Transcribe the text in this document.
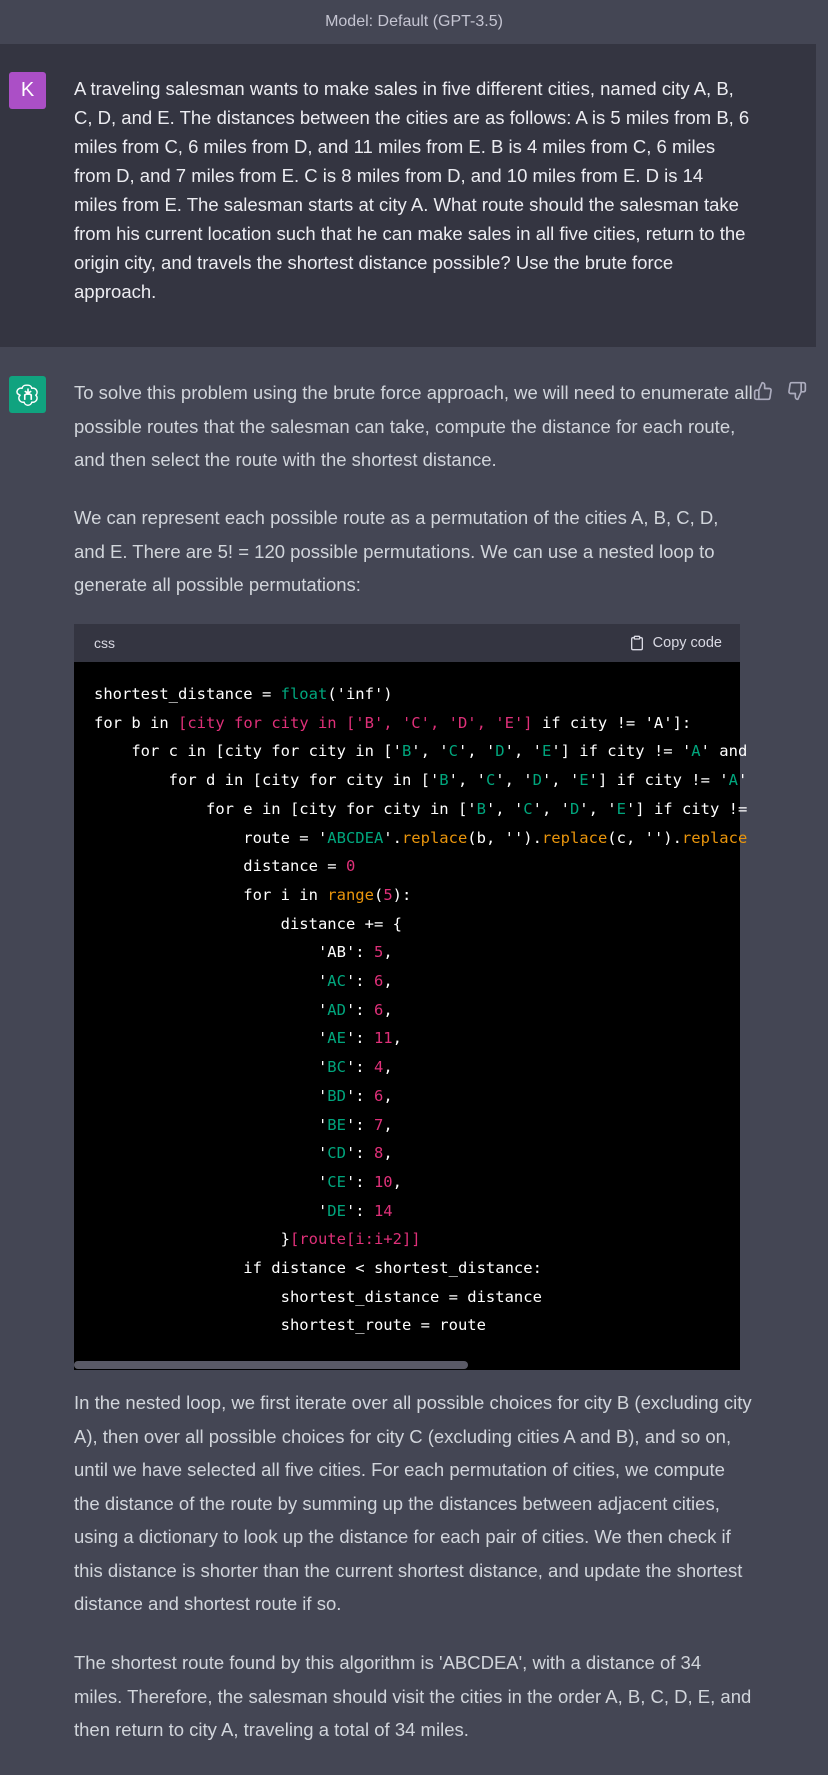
Model: Default (GPT-3.5)
K A traveling salesman wants to make sales in five different cities, named city A, B, C, D, and E. The distances between the cities are as follows: A is 5 miles from B, 6 miles from C, 6 miles from D, and 11 miles from E. B is 4 miles from C, 6 miles from D, and 7 miles from E. C is 8 miles from D, and 10 miles from E. D is 14 miles from E. The salesman starts at city A. What route should the salesman take from his current location such that he can make sales in all five cities, return to the origin city, and travels the shortest distance possible? Use the brute force approach.

To solve this problem using the brute force approach, we will need to enumerate all possible routes that the salesman can take, compute the distance for each route, and then select the route with the shortest distance.

We can represent each possible route as a permutation of the cities A, B, C, D, and E. There are 5! = 120 possible permutations. We can use a nested loop to generate all possible permutations:

css	Copy code
shortest_distance = float('inf')
for b in [city for city in ['B', 'C', 'D', 'E'] if city != 'A']:
for c in [city for city in ['B', 'C', 'D', 'E'] if city != 'A' and
for d in [city for city in ['B', 'C', 'D', 'E'] if city != 'A'
for e in [city for city in ['B', 'C', 'D', 'E'] if city !=
route = 'ABCDEA'.replace(b, '').replace(c, '').replace
distance = 0
for i in range(5):
distance += {
'AB': 5,
'AC': 6,
'AD': 6,
'AE': 11,
'BC': 4,
'BD': 6,
'BE': 7,
'CD': 8,
'CE': 10,
'DE': 14
}[route[i:i+2]]
if distance < shortest_distance:
shortest_distance = distance
shortest_route = route

In the nested loop, we first iterate over all possible choices for city B (excluding city A), then over all possible choices for city C (excluding cities A and B), and so on, until we have selected all five cities. For each permutation of cities, we compute the distance of the route by summing up the distances between adjacent cities, using a dictionary to look up the distance for each pair of cities. We then check if this distance is shorter than the current shortest distance, and update the shortest distance and shortest route if so.

The shortest route found by this algorithm is 'ABCDEA', with a distance of 34 miles. Therefore, the salesman should visit the cities in the order A, B, C, D, E, and then return to city A, traveling a total of 34 miles.
